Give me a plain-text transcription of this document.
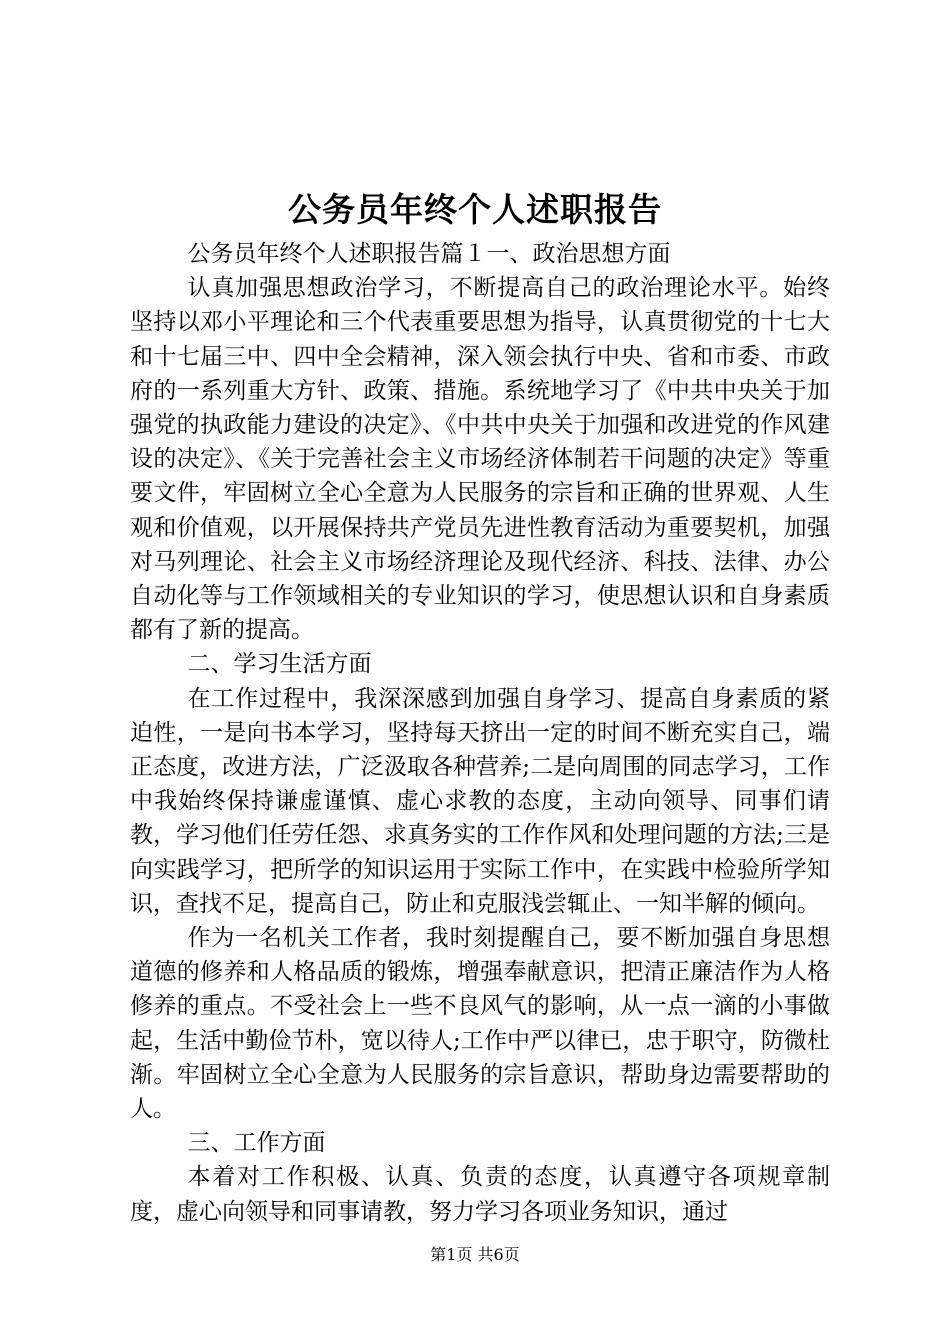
公务员年终个人述职报告

公务员年终个人述职报告篇１一、政治思想方面

认真加强思想政治学习，不断提高自己的政治理论水平。始终坚持以邓小平理论和三个代表重要思想为指导，认真贯彻党的十七大和十七届三中、四中全会精神，深入领会执行中央、省和市委、市政府的一系列重大方针、政策、措施。系统地学习了《中共中央关于加强党的执政能力建设的决定》、《中共中央关于加强和改进党的作风建设的决定》、《关于完善社会主义市场经济体制若干问题的决定》等重要文件，牢固树立全心全意为人民服务的宗旨和正确的世界观、人生观和价值观，以开展保持共产党员先进性教育活动为重要契机，加强对马列理论、社会主义市场经济理论及现代经济、科技、法律、办公自动化等与工作领域相关的专业知识的学习，使思想认识和自身素质都有了新的提高。

二、学习生活方面

在工作过程中，我深深感到加强自身学习、提高自身素质的紧迫性，一是向书本学习，坚持每天挤出一定的时间不断充实自己，端正态度，改进方法，广泛汲取各种营养;二是向周围的同志学习，工作中我始终保持谦虚谨慎、虚心求教的态度，主动向领导、同事们请教，学习他们任劳任怨、求真务实的工作作风和处理问题的方法;三是向实践学习，把所学的知识运用于实际工作中，在实践中检验所学知识，查找不足，提高自己，防止和克服浅尝辄止、一知半解的倾向。

作为一名机关工作者，我时刻提醒自己，要不断加强自身思想道德的修养和人格品质的锻炼，增强奉献意识，把清正廉洁作为人格修养的重点。不受社会上一些不良风气的影响，从一点一滴的小事做起，生活中勤俭节朴，宽以待人;工作中严以律已，忠于职守，防微杜渐。牢固树立全心全意为人民服务的宗旨意识，帮助身边需要帮助的人。

三、工作方面

本着对工作积极、认真、负责的态度，认真遵守各项规章制度，虚心向领导和同事请教，努力学习各项业务知识，通过

第1页 共6页
